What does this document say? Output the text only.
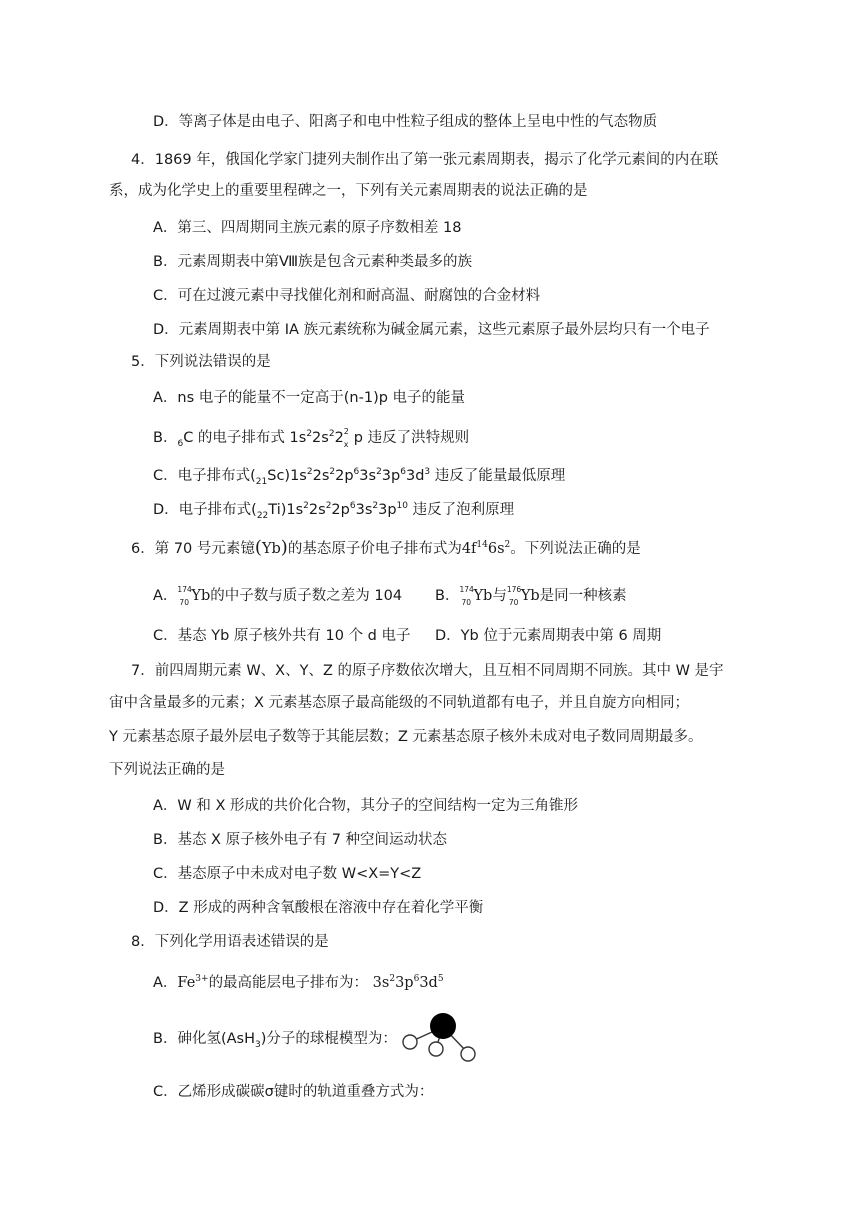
D．等离子体是由电子、阳离子和电中性粒子组成的整体上呈电中性的气态物质
4．1869 年，俄国化学家门捷列夫制作出了第一张元素周期表，揭示了化学元素间的内在联
系，成为化学史上的重要里程碑之一，下列有关元素周期表的说法正确的是
A．第三、四周期同主族元素的原子序数相差 18
B．元素周期表中第Ⅷ族是包含元素种类最多的族
C．可在过渡元素中寻找催化剂和耐高温、耐腐蚀的合金材料
D．元素周期表中第 IA 族元素统称为碱金属元素，这些元素原子最外层均只有一个电子
5．下列说法错误的是
A．ns 电子的能量不一定高于(n-1)p 电子的能量
B．$_6$C 的电子排布式 $1s^22s^22$ 2
x p 违反了洪特规则
C．电子排布式$(_{21}Sc)1s^22s^22p^63s^23p^63d^3$ 违反了能量最低原理
D．电子排布式$(_{22}Ti)1s^22s^22p^63s^23p^{10}$ 违反了泡利原理
6．第 70 号元素镱(Yb)的基态原子价电子排布式为$4f^{14}6s^2$。下列说法正确的是
A． 174
70 Yb的中子数与质子数之差为 104 B． 174
70 Yb与 176
70 Yb是同一种核素
C．基态 Yb 原子核外共有 10 个 d 电子 D．Yb 位于元素周期表中第 6 周期
7．前四周期元素 W、X、Y、Z 的原子序数依次增大，且互相不同周期不同族。其中 W 是宇
宙中含量最多的元素；X 元素基态原子最高能级的不同轨道都有电子，并且自旋方向相同；
Y 元素基态原子最外层电子数等于其能层数；Z 元素基态原子核外未成对电子数同周期最多。
下列说法正确的是
A．W 和 X 形成的共价化合物，其分子的空间结构一定为三角锥形
B．基态 X 原子核外电子有 7 种空间运动状态
C．基态原子中未成对电子数 W<X=Y<Z
D．Z 形成的两种含氧酸根在溶液中存在着化学平衡
8．下列化学用语表述错误的是
A．$Fe^{3+}$的最高能层电子排布为： $3s^23p^63d^5$
B．砷化氢(AsH$_3$)分子的球棍模型为：
C．乙烯形成碳碳σ键时的轨道重叠方式为：
